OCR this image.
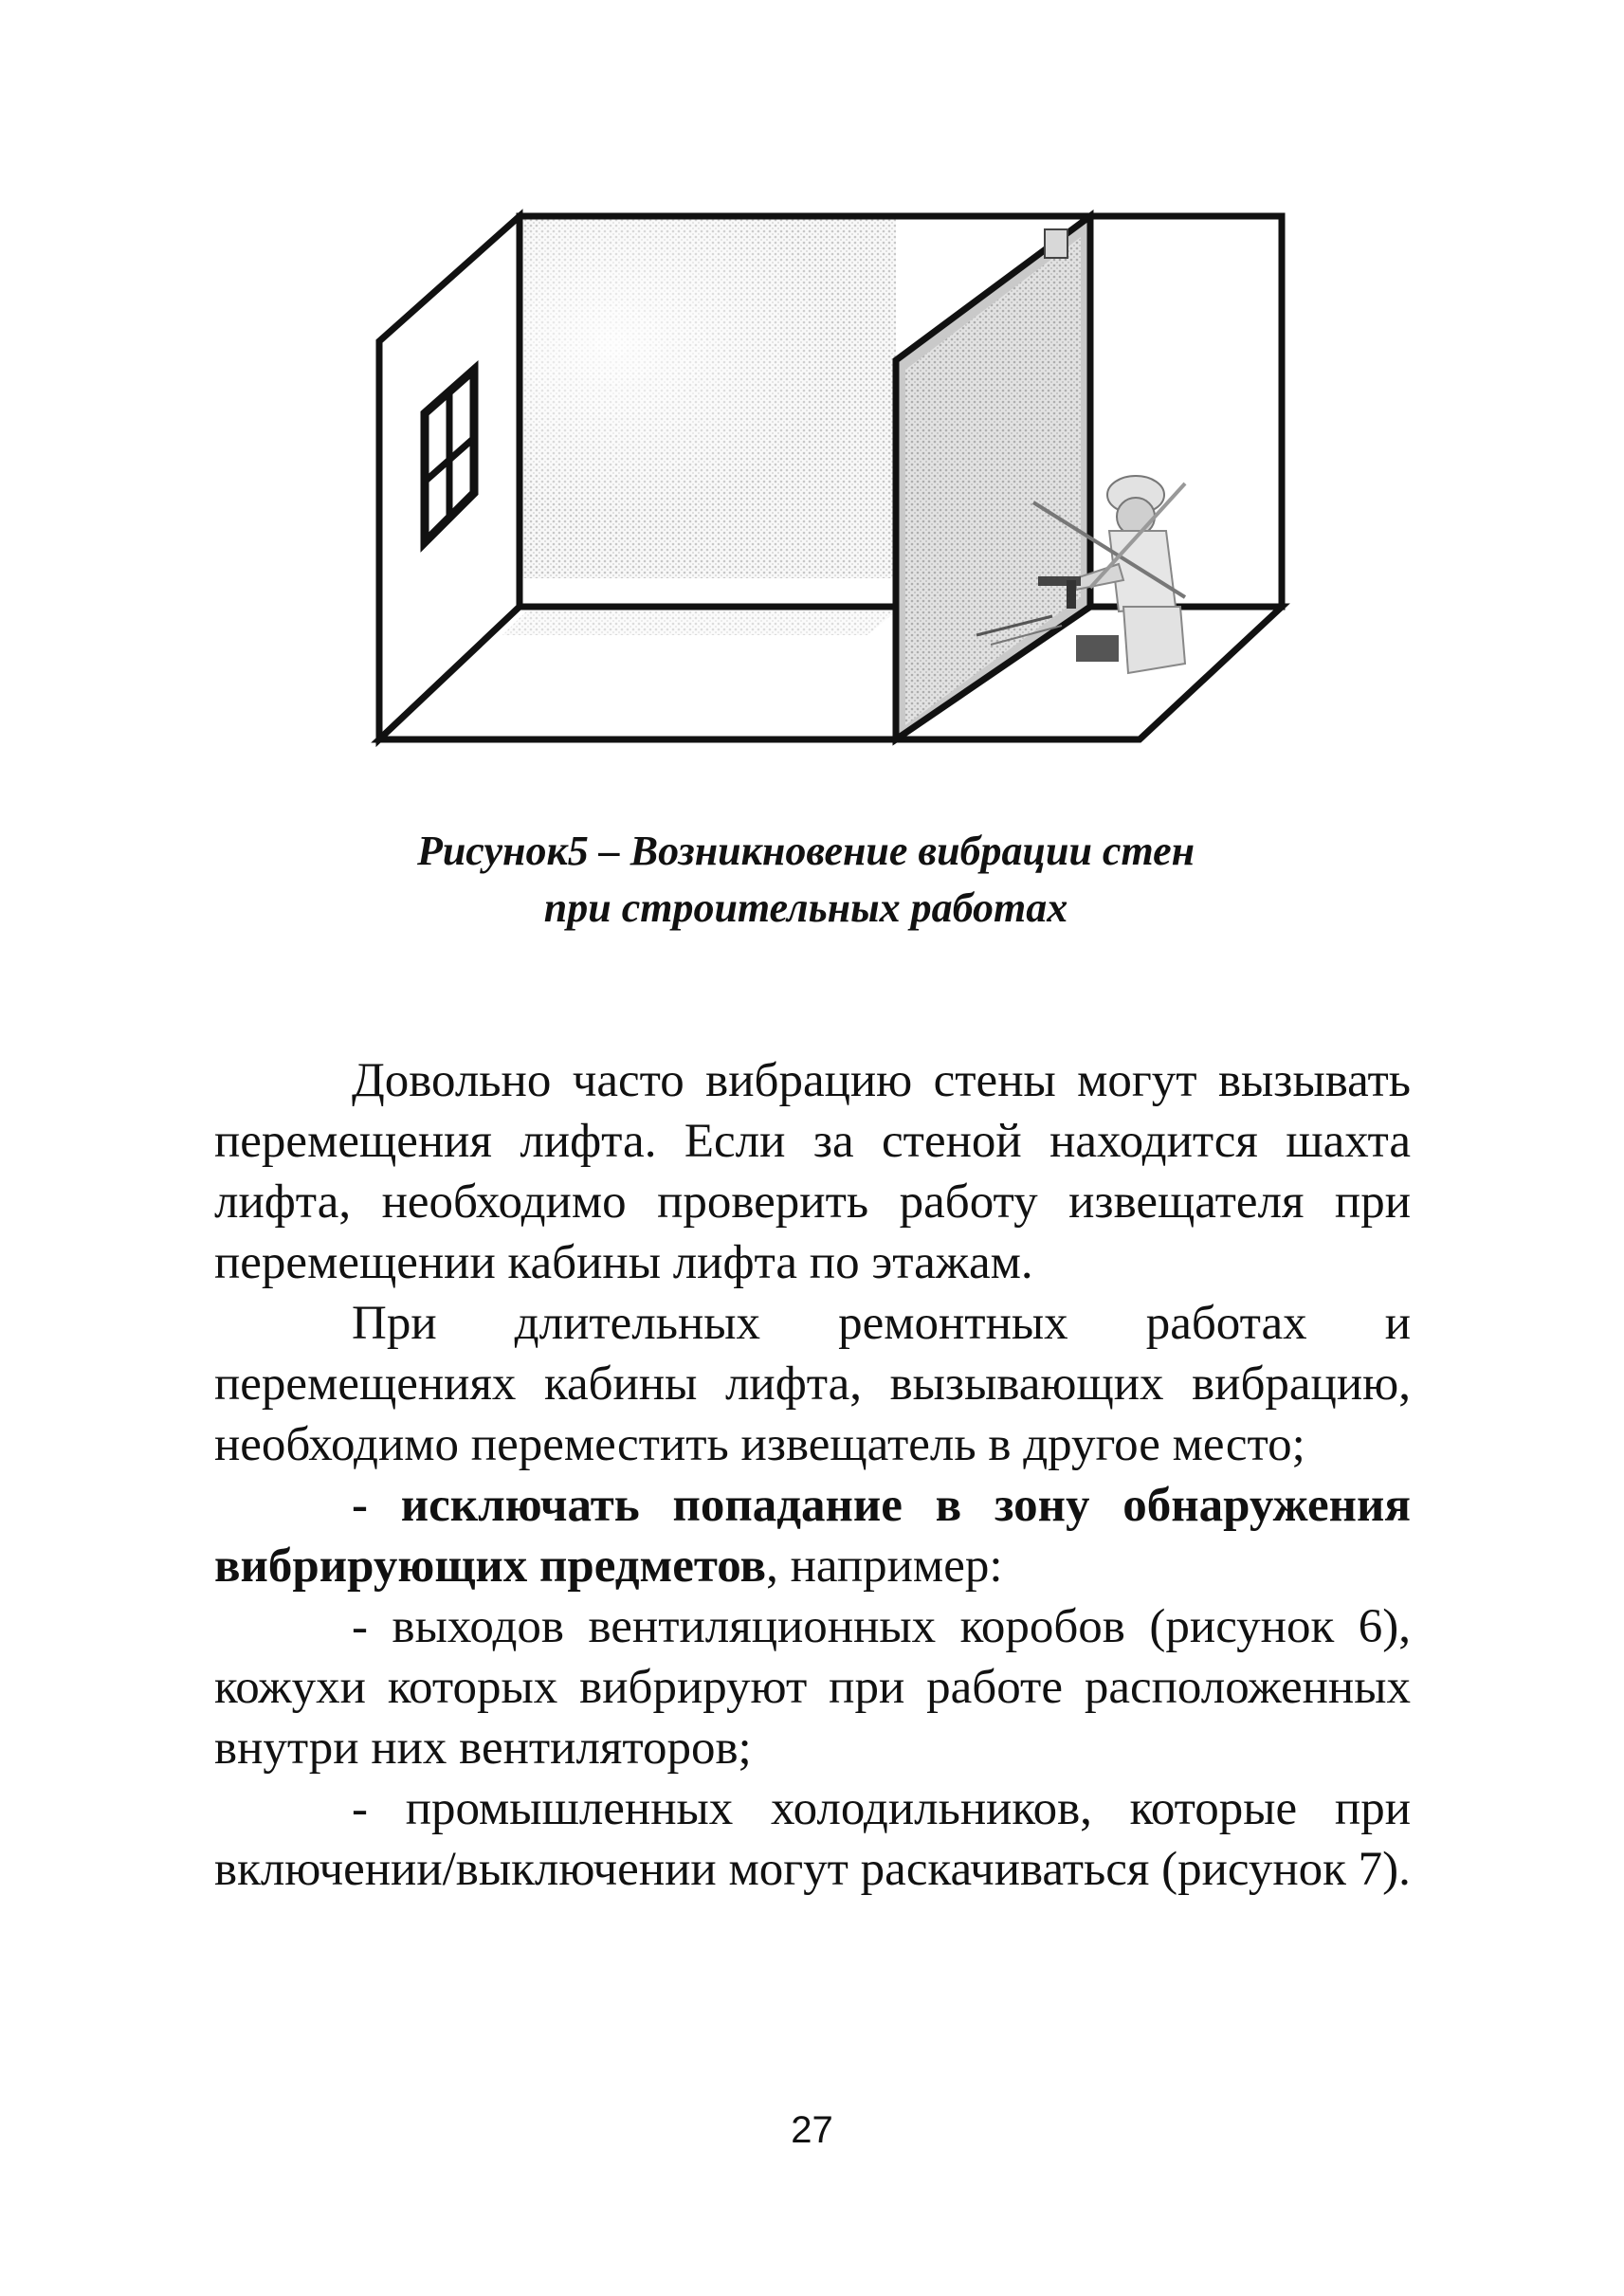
Рисунок5 – Возникновение вибрации стен
при строительных работах

Довольно часто вибрацию стены могут вызывать перемещения лифта. Если за стеной находится шахта лифта, необходимо проверить работу извещателя при перемещении кабины лифта по этажам.

При длительных ремонтных работах и перемещениях кабины лифта, вызывающих вибрацию, необходимо переместить извещатель в другое место;

- исключать попадание в зону обнаружения вибрирующих предметов, например:

- выходов вентиляционных коробов (рисунок 6), кожухи которых вибрируют при работе расположенных внутри них вентиляторов;

- промышленных холодильников, которые при включении/выключении могут раскачиваться (рисунок 7).

27
